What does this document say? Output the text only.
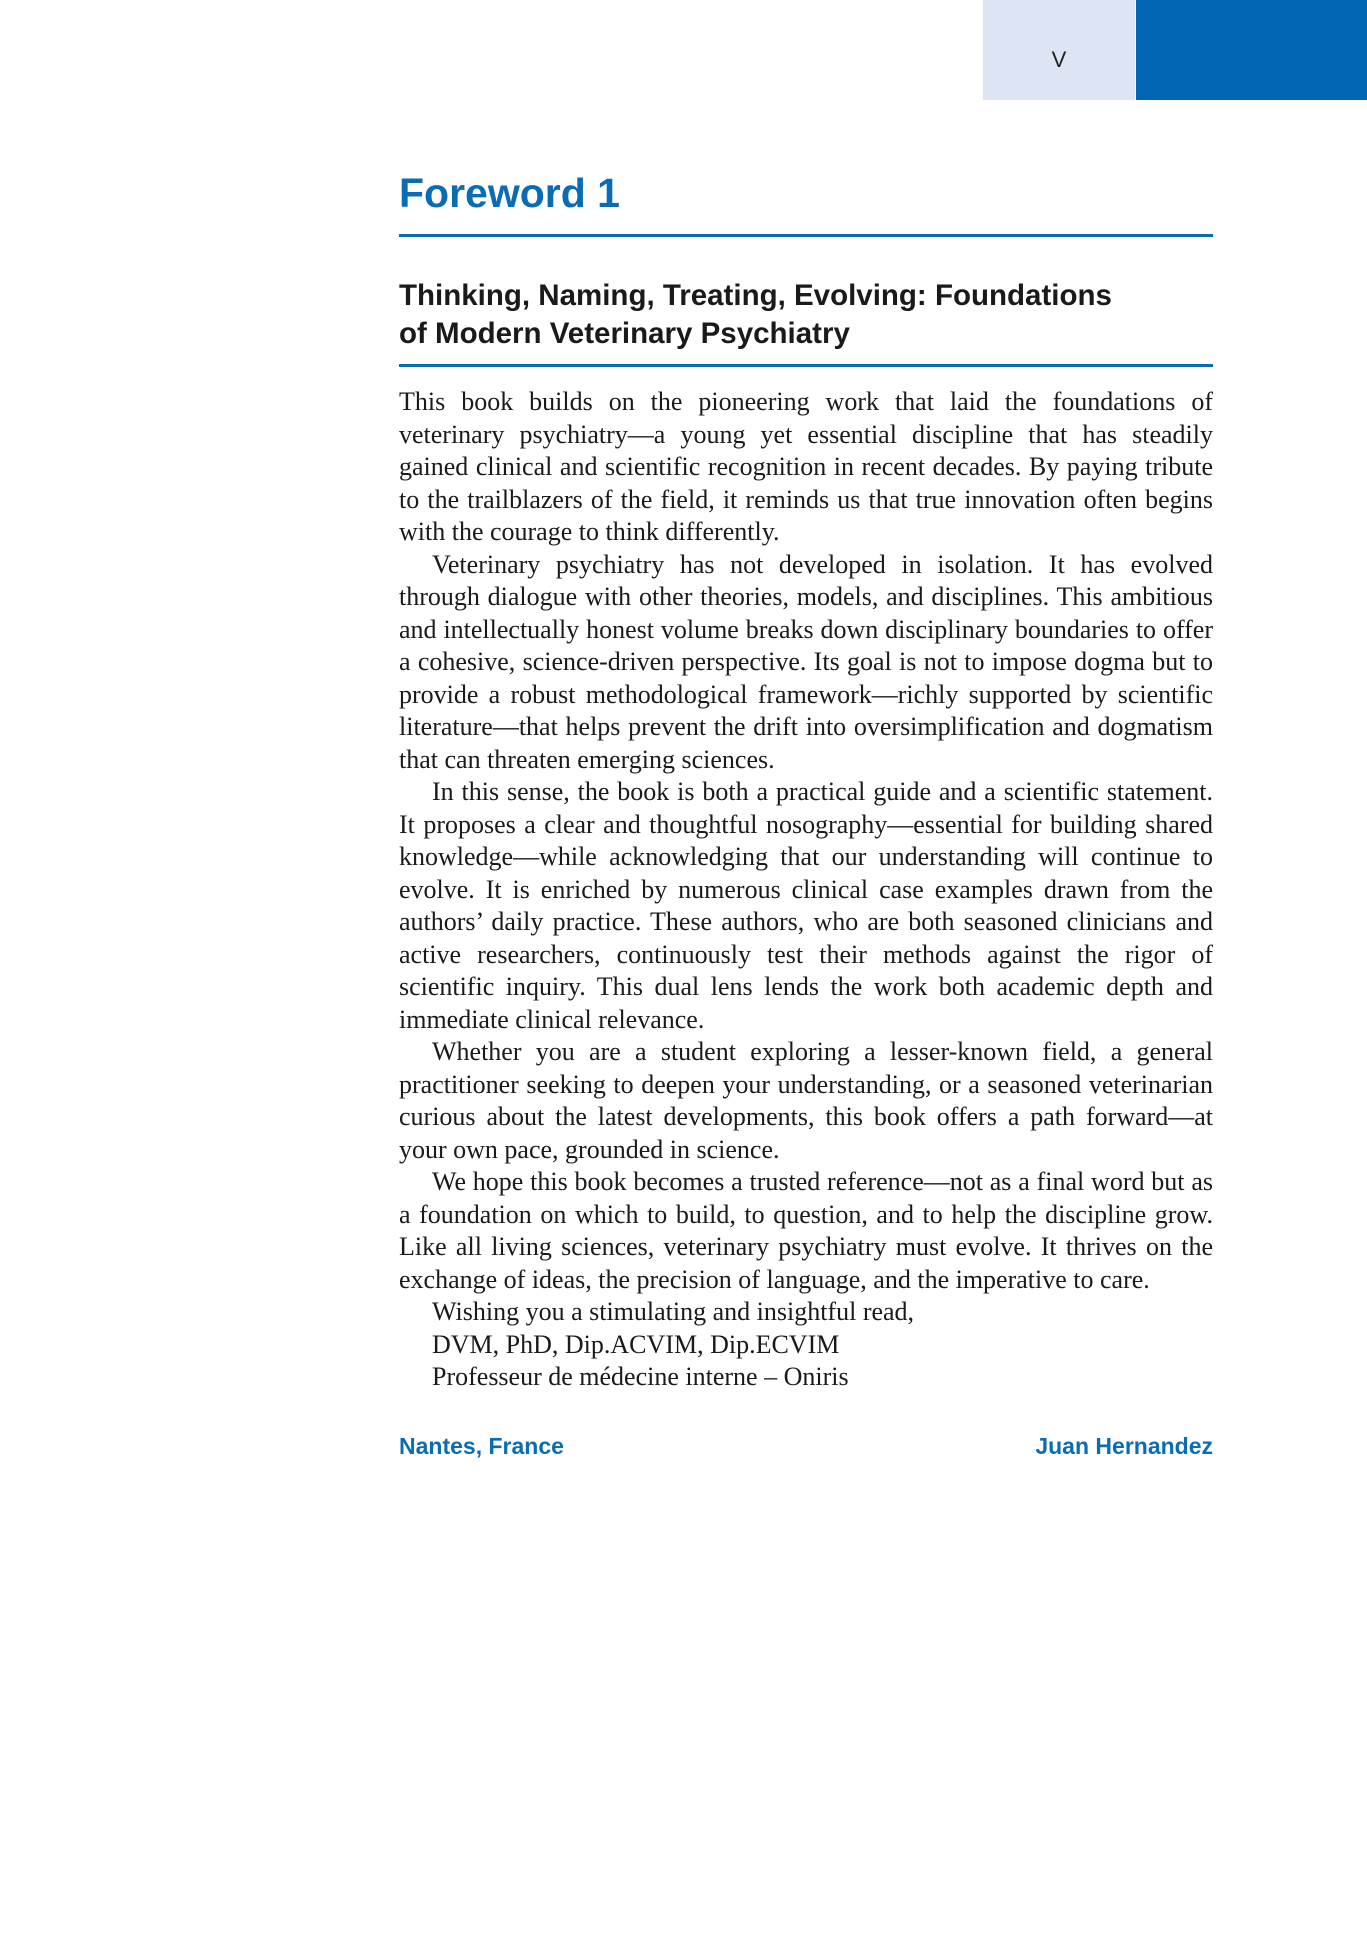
V
Foreword 1
Thinking, Naming, Treating, Evolving: Foundations
of Modern Veterinary Psychiatry

This book builds on the pioneering work that laid the foundations of veterinary psychiatry—a young yet essential discipline that has steadily gained clinical and scientific recognition in recent decades. By paying tribute to the trailblazers of the field, it reminds us that true innovation often begins with the courage to think differently.

Veterinary psychiatry has not developed in isolation. It has evolved through dialogue with other theories, models, and disciplines. This ambitious and intellectually honest volume breaks down disciplinary boundaries to offer a cohesive, science-driven perspective. Its goal is not to impose dogma but to provide a robust methodological framework—richly supported by scientific literature—that helps prevent the drift into oversimplification and dogmatism that can threaten emerging sciences.

In this sense, the book is both a practical guide and a scientific statement. It proposes a clear and thoughtful nosography—essential for building shared knowledge—while acknowledging that our understanding will continue to evolve. It is enriched by numerous clinical case examples drawn from the authors’ daily practice. These authors, who are both seasoned clinicians and active researchers, continuously test their methods against the rigor of scientific inquiry. This dual lens lends the work both academic depth and immediate clinical relevance.

Whether you are a student exploring a lesser-known field, a general practitioner seeking to deepen your understanding, or a seasoned veterinarian curious about the latest developments, this book offers a path forward—at your own pace, grounded in science.

We hope this book becomes a trusted reference—not as a final word but as a foundation on which to build, to question, and to help the discipline grow. Like all living sciences, veterinary psychiatry must evolve. It thrives on the exchange of ideas, the precision of language, and the imperative to care.

Wishing you a stimulating and insightful read,

DVM, PhD, Dip.ACVIM, Dip.ECVIM

Professeur de médecine interne – Oniris

Nantes, France	Juan Hernandez
